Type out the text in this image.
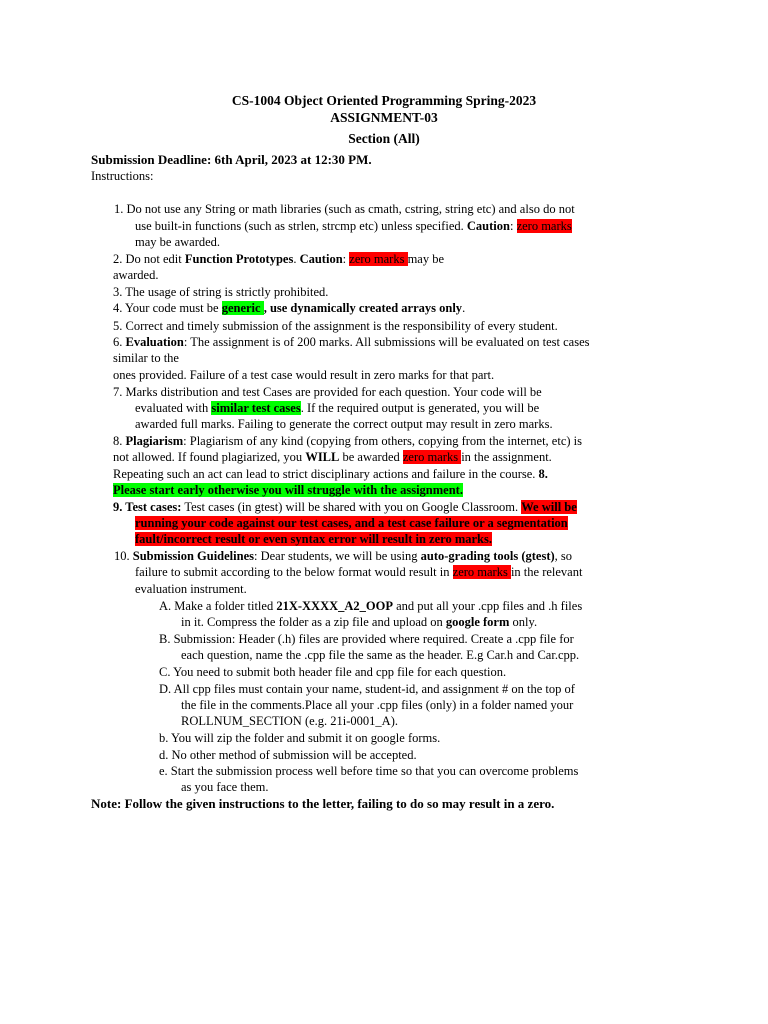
CS-1004 Object Oriented Programming Spring-2023
ASSIGNMENT-03
Section (All)
Submission Deadline: 6th April, 2023 at 12:30 PM.
Instructions:
1. Do not use any String or math libraries (such as cmath, cstring, string etc) and also do not
use built-in functions (such as strlen, strcmp etc) unless specified. Caution: zero marks
may be awarded.
2. Do not edit Function Prototypes. Caution: zero marks may be
awarded.
3. The usage of string is strictly prohibited.
4. Your code must be generic , use dynamically created arrays only.
5. Correct and timely submission of the assignment is the responsibility of every student.
6. Evaluation: The assignment is of 200 marks. All submissions will be evaluated on test cases
similar to the
ones provided. Failure of a test case would result in zero marks for that part.
7. Marks distribution and test Cases are provided for each question. Your code will be
evaluated with similar test cases. If the required output is generated, you will be
awarded full marks. Failing to generate the correct output may result in zero marks.
8. Plagiarism: Plagiarism of any kind (copying from others, copying from the internet, etc) is
not allowed. If found plagiarized, you WILL be awarded zero marks in the assignment.
Repeating such an act can lead to strict disciplinary actions and failure in the course. 8.
Please start early otherwise you will struggle with the assignment.
9. Test cases: Test cases (in gtest) will be shared with you on Google Classroom. We will be
running your code against our test cases, and a test case failure or a segmentation
fault/incorrect result or even syntax error will result in zero marks.
10. Submission Guidelines: Dear students, we will be using auto-grading tools (gtest), so
failure to submit according to the below format would result in zero marks in the relevant
evaluation instrument.
A. Make a folder titled 21X-XXXX_A2_OOP and put all your .cpp files and .h files
in it. Compress the folder as a zip file and upload on google form only.
B. Submission: Header (.h) files are provided where required. Create a .cpp file for
each question, name the .cpp file the same as the header. E.g Car.h and Car.cpp.
C. You need to submit both header file and cpp file for each question.
D. All cpp files must contain your name, student-id, and assignment # on the top of
the file in the comments.Place all your .cpp files (only) in a folder named your
ROLLNUM_SECTION (e.g. 21i-0001_A).
b. You will zip the folder and submit it on google forms.
d. No other method of submission will be accepted.
e. Start the submission process well before time so that you can overcome problems
as you face them.
Note: Follow the given instructions to the letter, failing to do so may result in a zero.
